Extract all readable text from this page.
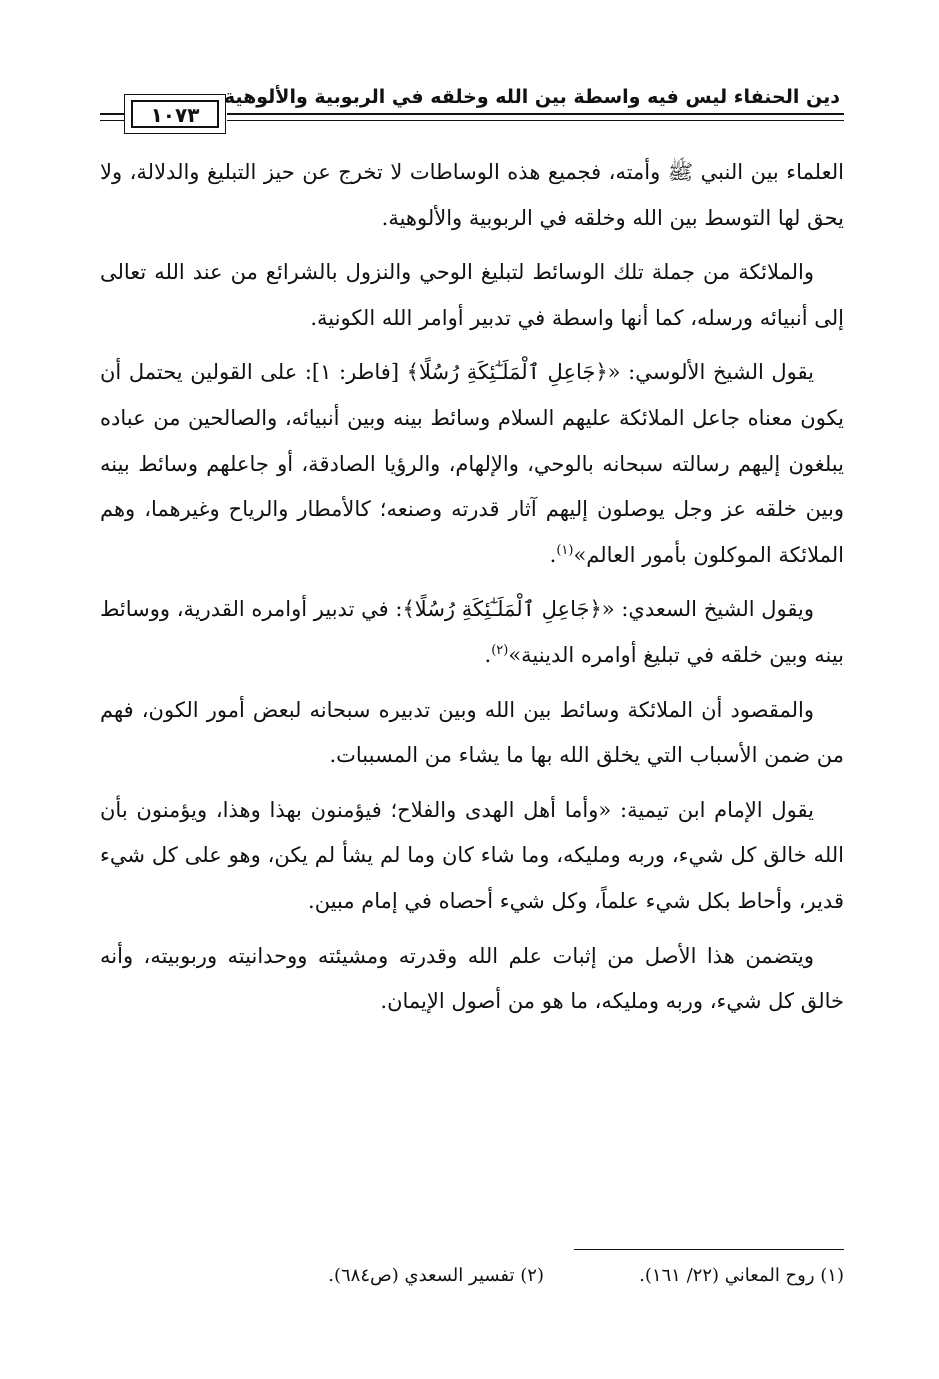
دين الحنفاء ليس فيه واسطة بين الله وخلقه في الربوبية والألوهية
١٠٧٣

العلماء بين النبي ﷺ وأمته، فجميع هذه الوساطات لا تخرج عن حيز التبليغ والدلالة، ولا يحق لها التوسط بين الله وخلقه في الربوبية والألوهية.

والملائكة من جملة تلك الوسائط لتبليغ الوحي والنزول بالشرائع من عند الله تعالى إلى أنبيائه ورسله، كما أنها واسطة في تدبير أوامر الله الكونية.

يقول الشيخ الألوسي: «﴿جَاعِلِ ٱلْمَلَـٰٓئِكَةِ رُسُلًا﴾ [فاطر: ١]: على القولين يحتمل أن يكون معناه جاعل الملائكة عليهم السلام وسائط بينه وبين أنبيائه، والصالحين من عباده يبلغون إليهم رسالته سبحانه بالوحي، والإلهام، والرؤيا الصادقة، أو جاعلهم وسائط بينه وبين خلقه عز وجل يوصلون إليهم آثار قدرته وصنعه؛ كالأمطار والرياح وغيرهما، وهم الملائكة الموكلون بأمور العالم»$^{(١)}$.

ويقول الشيخ السعدي: «﴿جَاعِلِ ٱلْمَلَـٰٓئِكَةِ رُسُلًا﴾: في تدبير أوامره القدرية، ووسائط بينه وبين خلقه في تبليغ أوامره الدينية»$^{(٢)}$.

والمقصود أن الملائكة وسائط بين الله وبين تدبيره سبحانه لبعض أمور الكون، فهم من ضمن الأسباب التي يخلق الله بها ما يشاء من المسببات.

يقول الإمام ابن تيمية: «وأما أهل الهدى والفلاح؛ فيؤمنون بهذا وهذا، ويؤمنون بأن الله خالق كل شيء، وربه ومليكه، وما شاء كان وما لم يشأ لم يكن، وهو على كل شيء قدير، وأحاط بكل شيء علماً، وكل شيء أحصاه في إمام مبين.

ويتضمن هذا الأصل من إثبات علم الله وقدرته ومشيئته ووحدانيته وربوبيته، وأنه خالق كل شيء، وربه ومليكه، ما هو من أصول الإيمان.

(١) روح المعاني (٢٢/ ١٦١).
(٢) تفسير السعدي (ص٦٨٤).
